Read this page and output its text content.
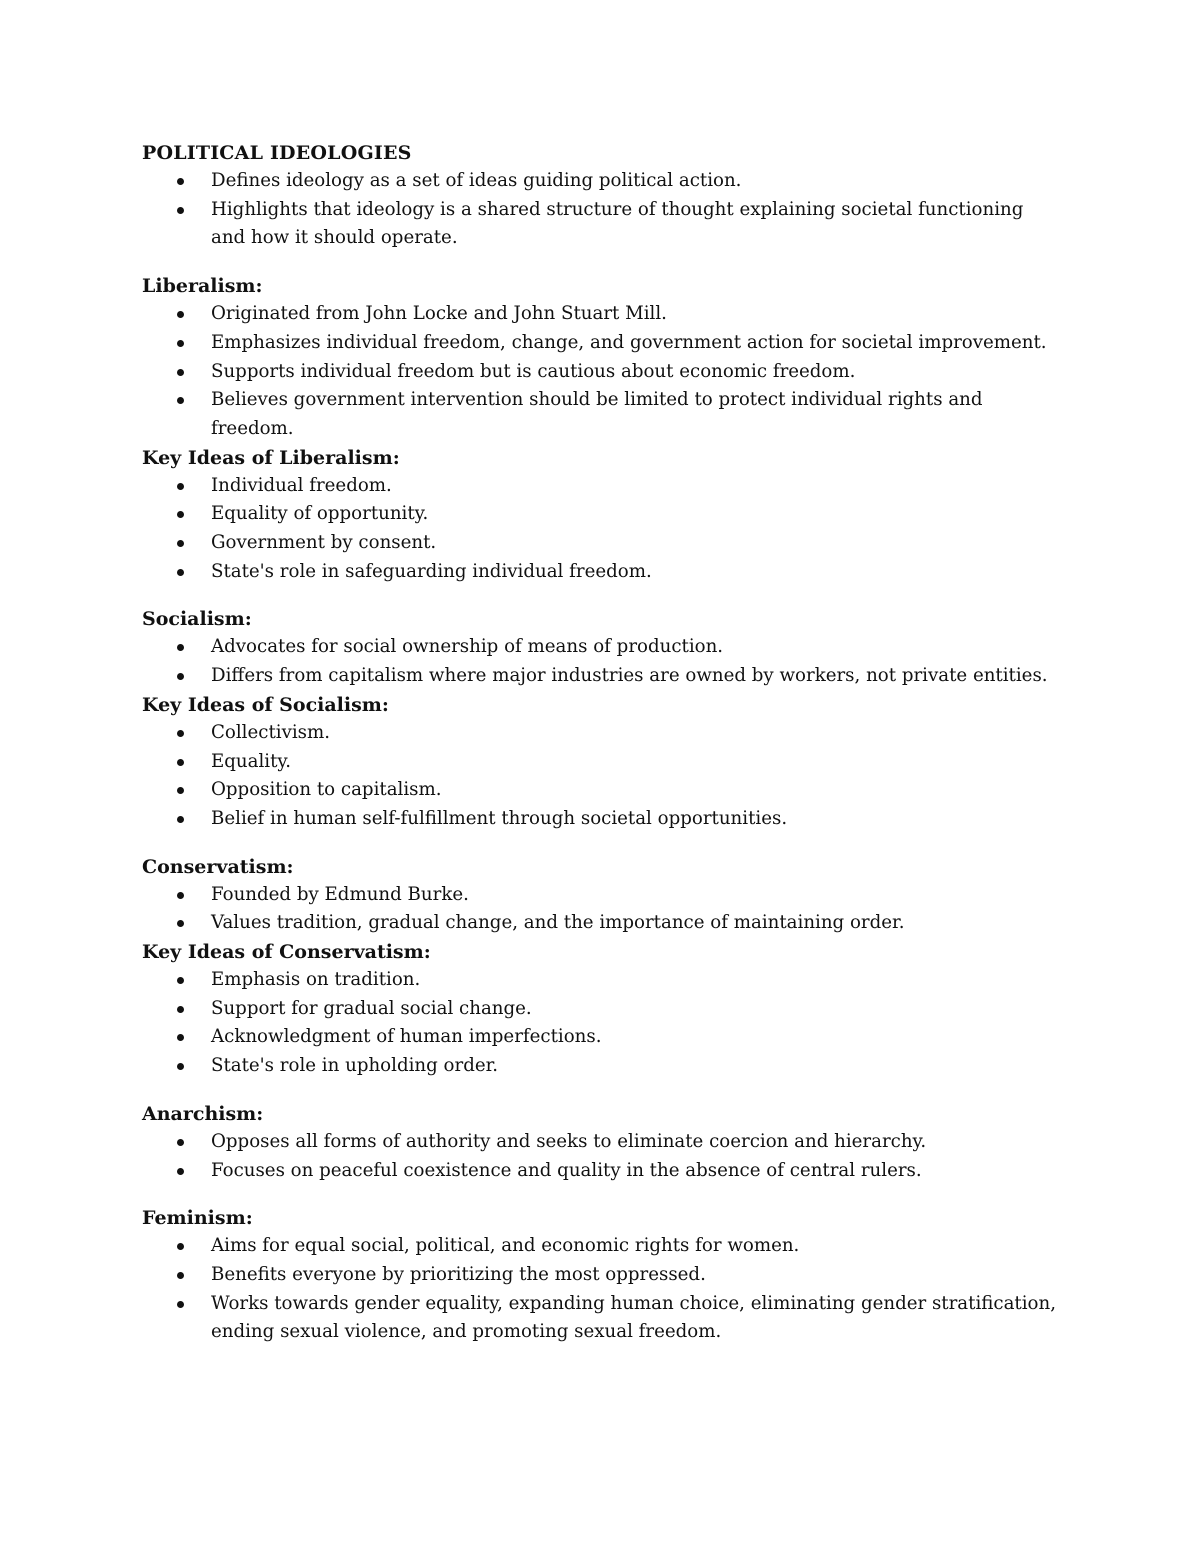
POLITICAL IDEOLOGIES
Defines ideology as a set of ideas guiding political action.
Highlights that ideology is a shared structure of thought explaining societal functioning and how it should operate.
Liberalism:
Originated from John Locke and John Stuart Mill.
Emphasizes individual freedom, change, and government action for societal improvement.
Supports individual freedom but is cautious about economic freedom.
Believes government intervention should be limited to protect individual rights and freedom.
Key Ideas of Liberalism:
Individual freedom.
Equality of opportunity.
Government by consent.
State's role in safeguarding individual freedom.
Socialism:
Advocates for social ownership of means of production.
Differs from capitalism where major industries are owned by workers, not private entities.
Key Ideas of Socialism:
Collectivism.
Equality.
Opposition to capitalism.
Belief in human self-fulfillment through societal opportunities.
Conservatism:
Founded by Edmund Burke.
Values tradition, gradual change, and the importance of maintaining order.
Key Ideas of Conservatism:
Emphasis on tradition.
Support for gradual social change.
Acknowledgment of human imperfections.
State's role in upholding order.
Anarchism:
Opposes all forms of authority and seeks to eliminate coercion and hierarchy.
Focuses on peaceful coexistence and quality in the absence of central rulers.
Feminism:
Aims for equal social, political, and economic rights for women.
Benefits everyone by prioritizing the most oppressed.
Works towards gender equality, expanding human choice, eliminating gender stratification, ending sexual violence, and promoting sexual freedom.
